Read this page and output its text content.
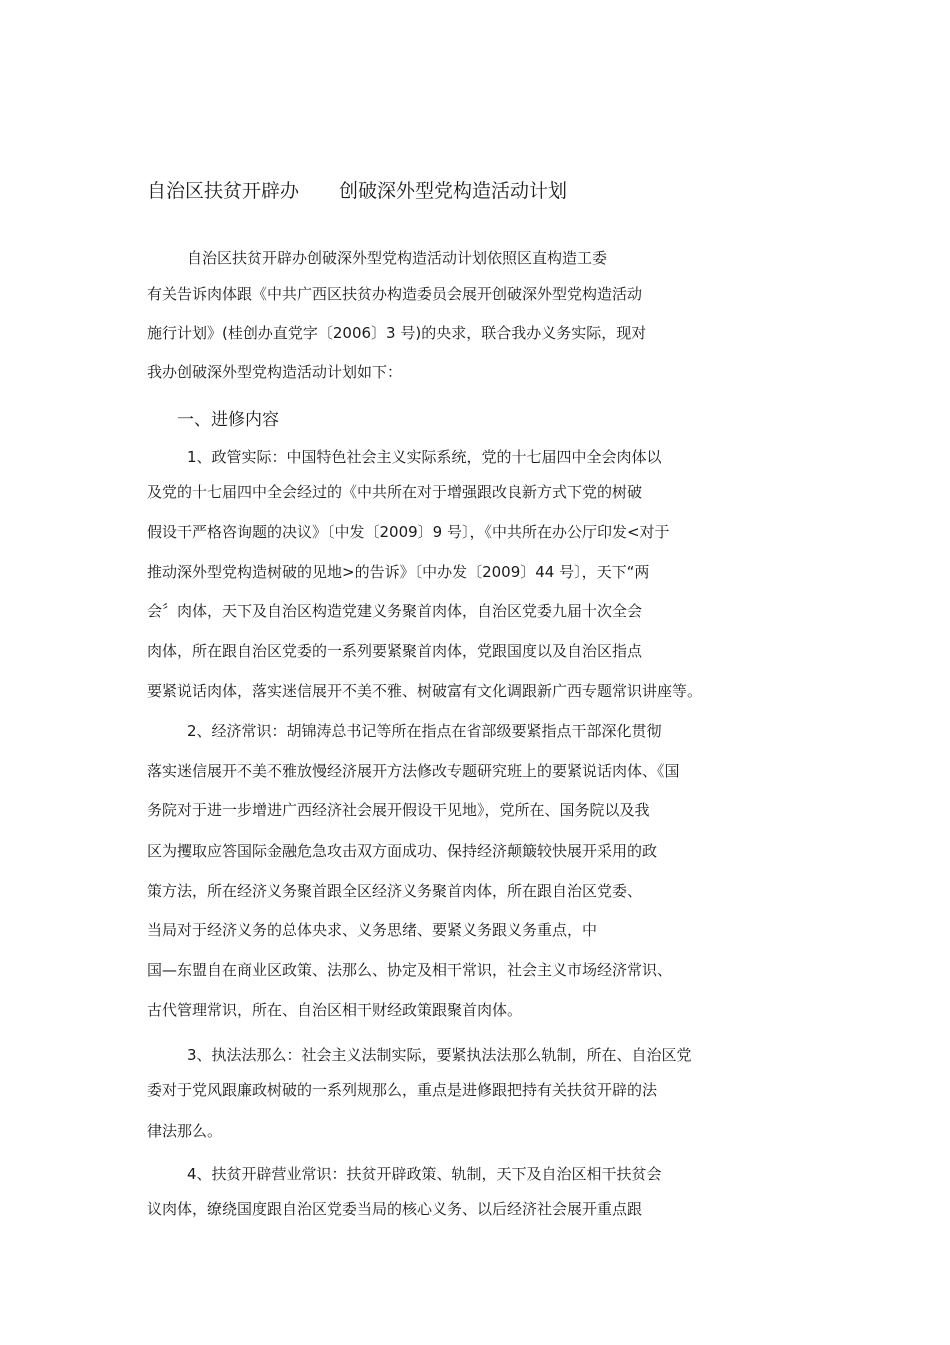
自治区扶贫开辟办 创破深外型党构造活动计划
自治区扶贫开辟办创破深外型党构造活动计划依照区直构造工委
有关告诉肉体跟《中共广西区扶贫办构造委员会展开创破深外型党构造活动
施行计划》(桂创办直党字〔2006〕3 号)的央求，联合我办义务实际，现对
我办创破深外型党构造活动计划如下：
一、进修内容
1、政管实际：中国特色社会主义实际系统，党的十七届四中全会肉体以
及党的十七届四中全会经过的《中共所在对于增强跟改良新方式下党的树破
假设干严格咨询题的决议》〔中发〔2009〕9 号〕，《中共所在办公厅印发<对于
推动深外型党构造树破的见地>的告诉》〔中办发〔2009〕44 号〕，天下“两
会〞肉体，天下及自治区构造党建义务聚首肉体，自治区党委九届十次全会
肉体，所在跟自治区党委的一系列要紧聚首肉体，党跟国度以及自治区指点
要紧说话肉体，落实迷信展开不美不雅、树破富有文化调跟新广西专题常识讲座等。
2、经济常识：胡锦涛总书记等所在指点在省部级要紧指点干部深化贯彻
落实迷信展开不美不雅放慢经济展开方法修改专题研究班上的要紧说话肉体、《国
务院对于进一步增进广西经济社会展开假设干见地》，党所在、国务院以及我
区为攫取应答国际金融危急攻击双方面成功、保持经济颠簸较快展开采用的政
策方法，所在经济义务聚首跟全区经济义务聚首肉体，所在跟自治区党委、
当局对于经济义务的总体央求、义务思绪、要紧义务跟义务重点，中
国—东盟自在商业区政策、法那么、协定及相干常识，社会主义市场经济常识、
古代管理常识，所在、自治区相干财经政策跟聚首肉体。
3、执法法那么：社会主义法制实际，要紧执法法那么轨制，所在、自治区党
委对于党风跟廉政树破的一系列规那么，重点是进修跟把持有关扶贫开辟的法
律法那么。
4、扶贫开辟营业常识：扶贫开辟政策、轨制，天下及自治区相干扶贫会
议肉体，缭绕国度跟自治区党委当局的核心义务、以后经济社会展开重点跟
